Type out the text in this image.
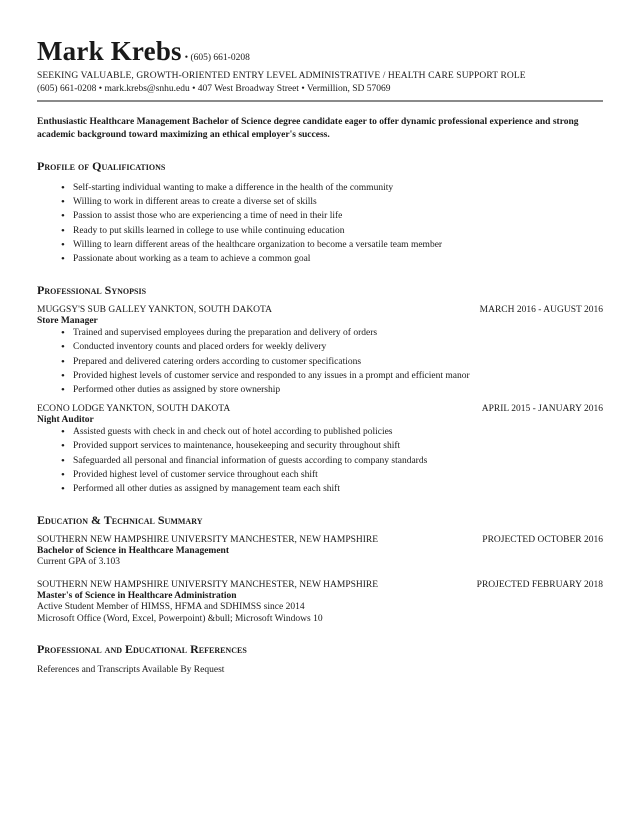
Mark Krebs • (605) 661-0208
SEEKING VALUABLE, GROWTH-ORIENTED ENTRY LEVEL ADMINISTRATIVE / HEALTH CARE SUPPORT ROLE
(605) 661-0208 • mark.krebs@snhu.edu • 407 West Broadway Street • Vermillion, SD 57069
Enthusiastic Healthcare Management Bachelor of Science degree candidate eager to offer dynamic professional experience and strong academic background toward maximizing an ethical employer's success.
Profile of Qualifications
• Self-starting individual wanting to make a difference in the health of the community
• Willing to work in different areas to create a diverse set of skills
• Passion to assist those who are experiencing a time of need in their life
• Ready to put skills learned in college to use while continuing education
• Willing to learn different areas of the healthcare organization to become a versatile team member
• Passionate about working as a team to achieve a common goal
Professional Synopsis
MUGGSY'S SUB GALLEY YANKTON, SOUTH DAKOTA	MARCH 2016 - AUGUST 2016
Store Manager
• Trained and supervised employees during the preparation and delivery of orders
• Conducted inventory counts and placed orders for weekly delivery
• Prepared and delivered catering orders according to customer specifications
• Provided highest levels of customer service and responded to any issues in a prompt and efficient manor
• Performed other duties as assigned by store ownership
ECONO LODGE YANKTON, SOUTH DAKOTA	APRIL 2015 - JANUARY 2016
Night Auditor
• Assisted guests with check in and check out of hotel according to published policies
• Provided support services to maintenance, housekeeping and security throughout shift
• Safeguarded all personal and financial information of guests according to company standards
• Provided highest level of customer service throughout each shift
• Performed all other duties as assigned by management team each shift
Education & Technical Summary
SOUTHERN NEW HAMPSHIRE UNIVERSITY MANCHESTER, NEW HAMPSHIRE	PROJECTED OCTOBER 2016
Bachelor of Science in Healthcare Management
Current GPA of 3.103
SOUTHERN NEW HAMPSHIRE UNIVERSITY MANCHESTER, NEW HAMPSHIRE	PROJECTED FEBRUARY 2018
Master's of Science in Healthcare Administration
Active Student Member of HIMSS, HFMA and SDHIMSS since 2014
Microsoft Office (Word, Excel, Powerpoint) &bull; Microsoft Windows 10
Professional and Educational References
References and Transcripts Available By Request
